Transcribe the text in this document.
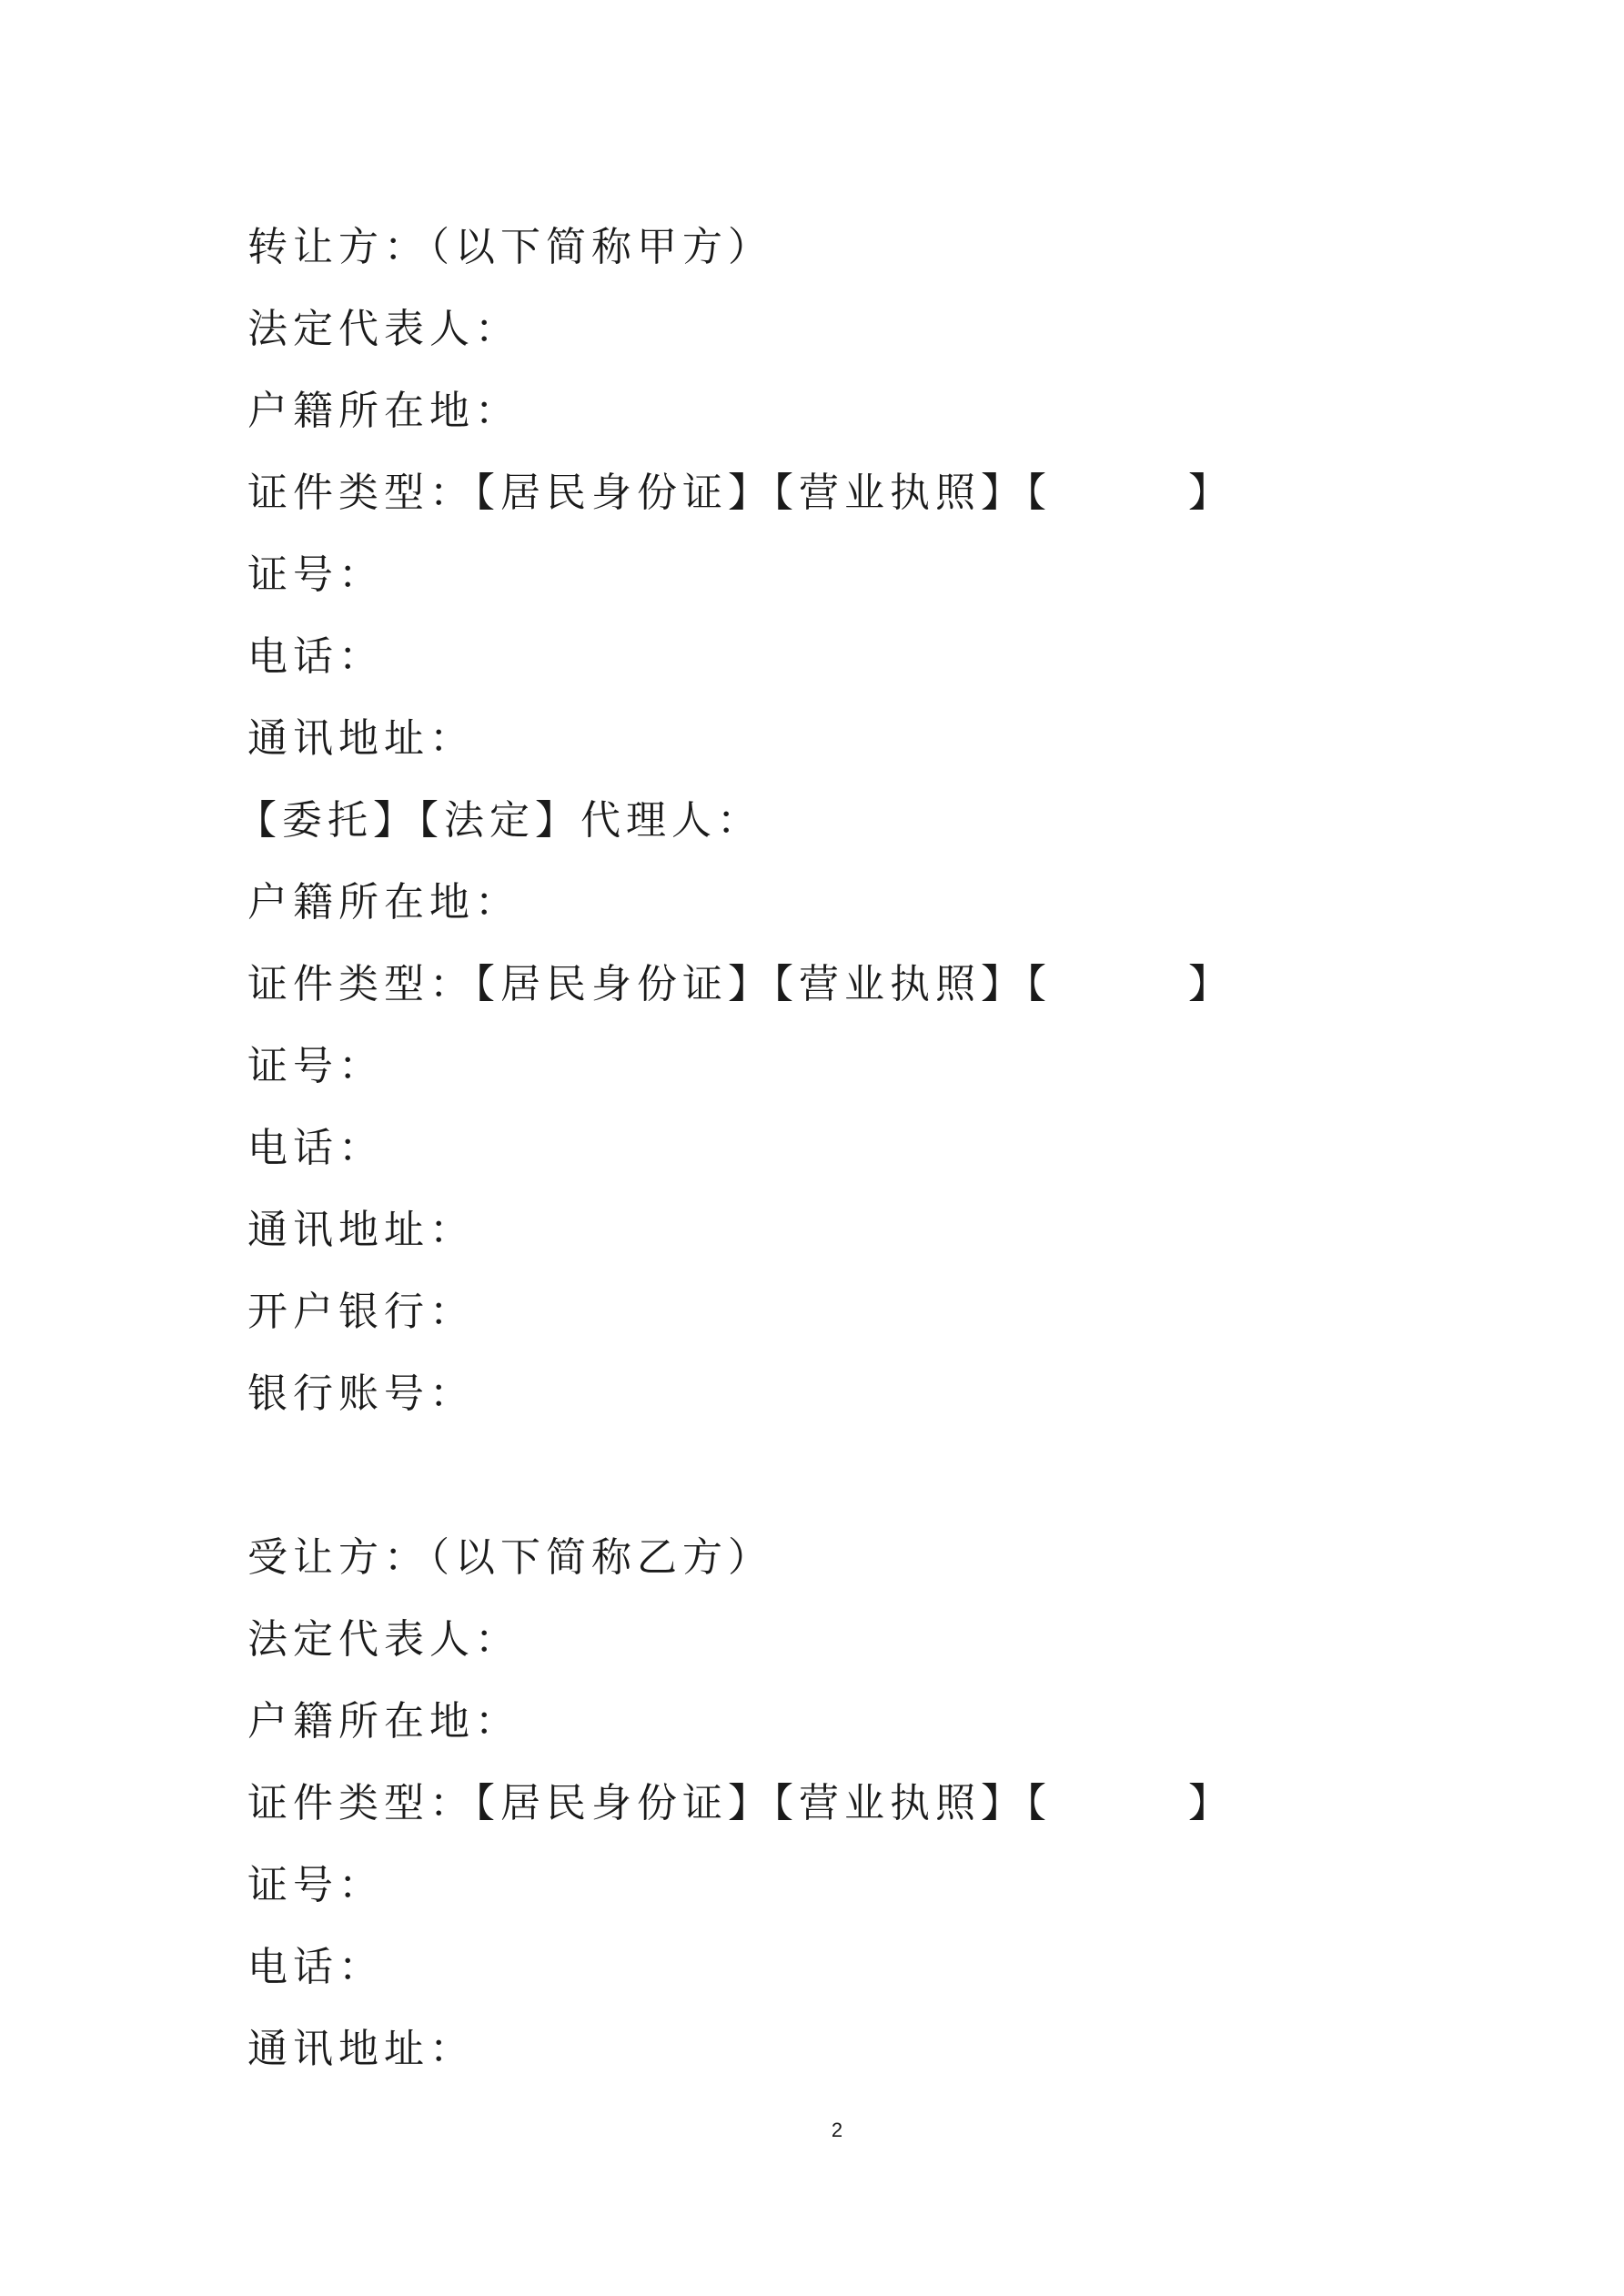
转让方：（以下简称甲方）
法定代表人：
户籍所在地：
证件类型：【居民身份证】【营业执照】【	】
证号：
电话：
通讯地址：
【委托】【法定】代理人：
户籍所在地：
证件类型：【居民身份证】【营业执照】【	】
证号：
电话：
通讯地址：
开户银行：
银行账号：
受让方：（以下简称乙方）
法定代表人：
户籍所在地：
证件类型：【居民身份证】【营业执照】【	】
证号：
电话：
通讯地址：
2
